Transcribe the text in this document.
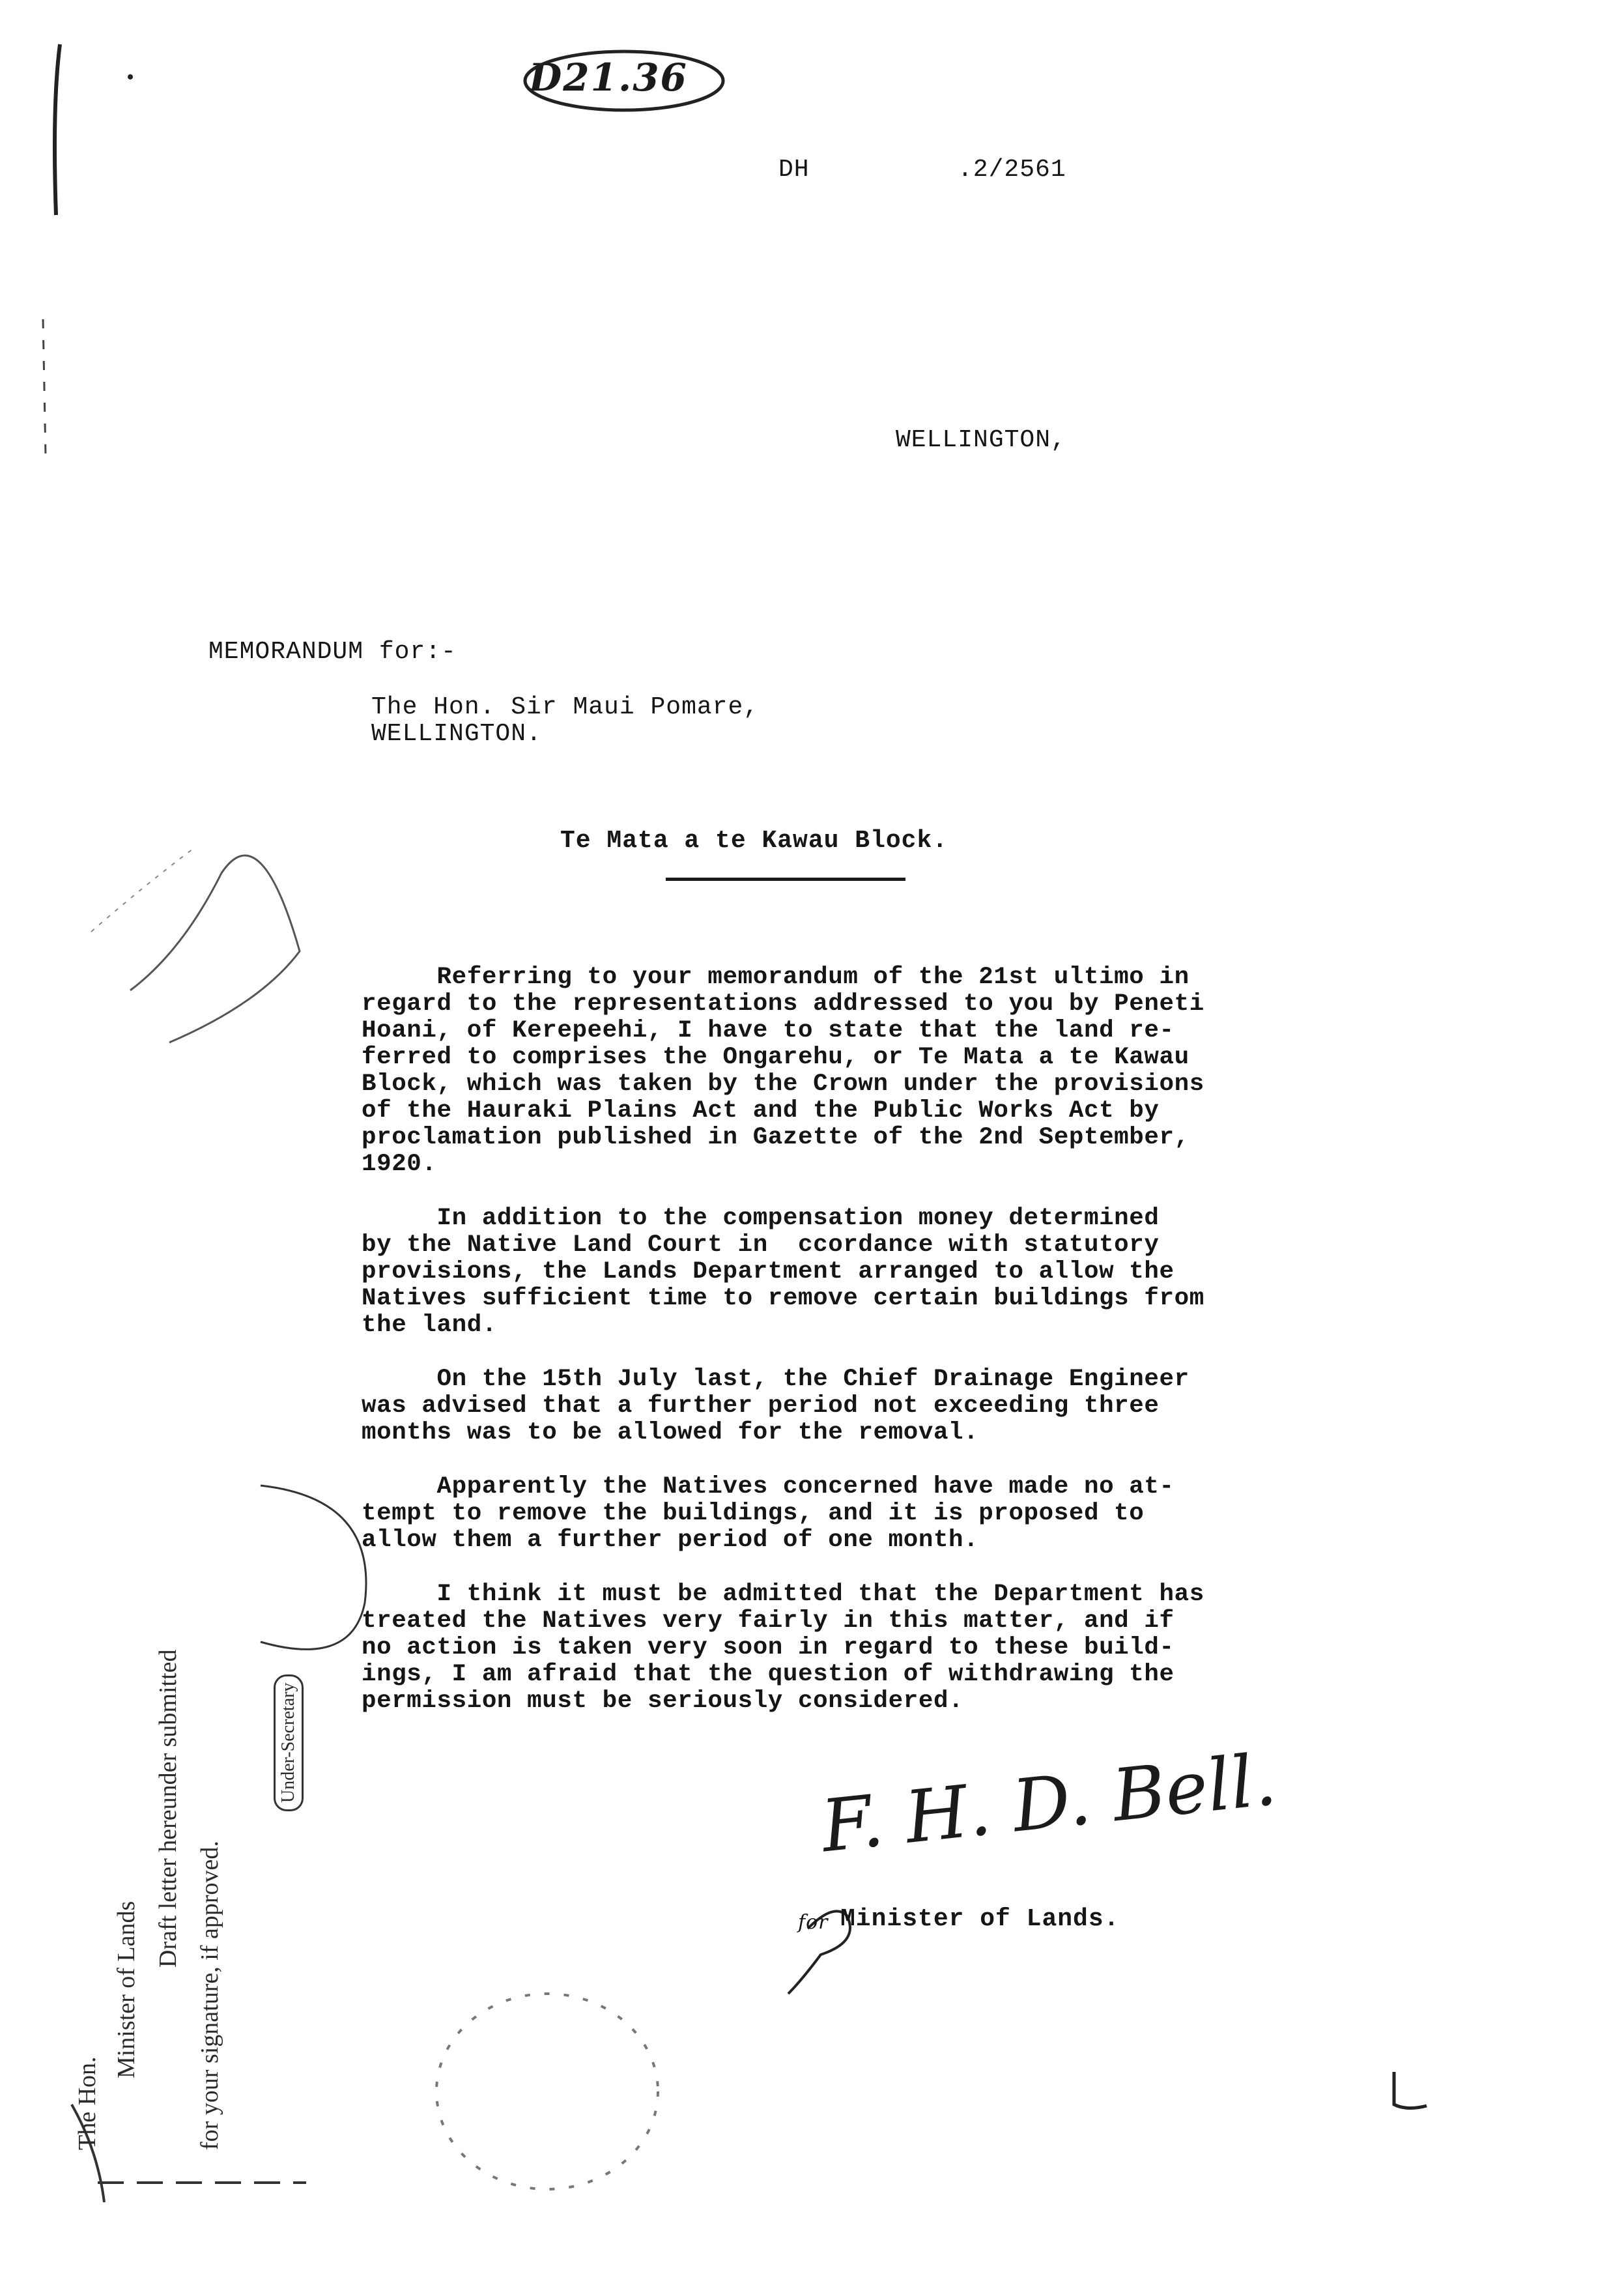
D21.36
DH	.2/2561
WELLINGTON,
MEMORANDUM for:-
The Hon. Sir Maui Pomare,
WELLINGTON.
Te Mata a te Kawau Block.
Referring to your memorandum of the 21st ultimo in
regard to the representations addressed to you by Peneti
Hoani, of Kerepeehi, I have to state that the land re-
ferred to comprises the Ongarehu, or Te Mata a te Kawau
Block, which was taken by the Crown under the provisions
of the Hauraki Plains Act and the Public Works Act by
proclamation published in Gazette of the 2nd September,
1920.
In addition to the compensation money determined
by the Native Land Court in  ccordance with statutory
provisions, the Lands Department arranged to allow the
Natives sufficient time to remove certain buildings from
the land.
On the 15th July last, the Chief Drainage Engineer
was advised that a further period not exceeding three
months was to be allowed for the removal.
Apparently the Natives concerned have made no at-
tempt to remove the buildings, and it is proposed to
allow them a further period of one month.
I think it must be admitted that the Department has
treated the Natives very fairly in this matter, and if
no action is taken very soon in regard to these build-
ings, I am afraid that the question of withdrawing the
permission must be seriously considered.
F. H. D. Bell.
for Minister of Lands.
The Hon.
Minister of Lands
Draft letter hereunder submitted
for your signature, if approved.
Under-Secretary
